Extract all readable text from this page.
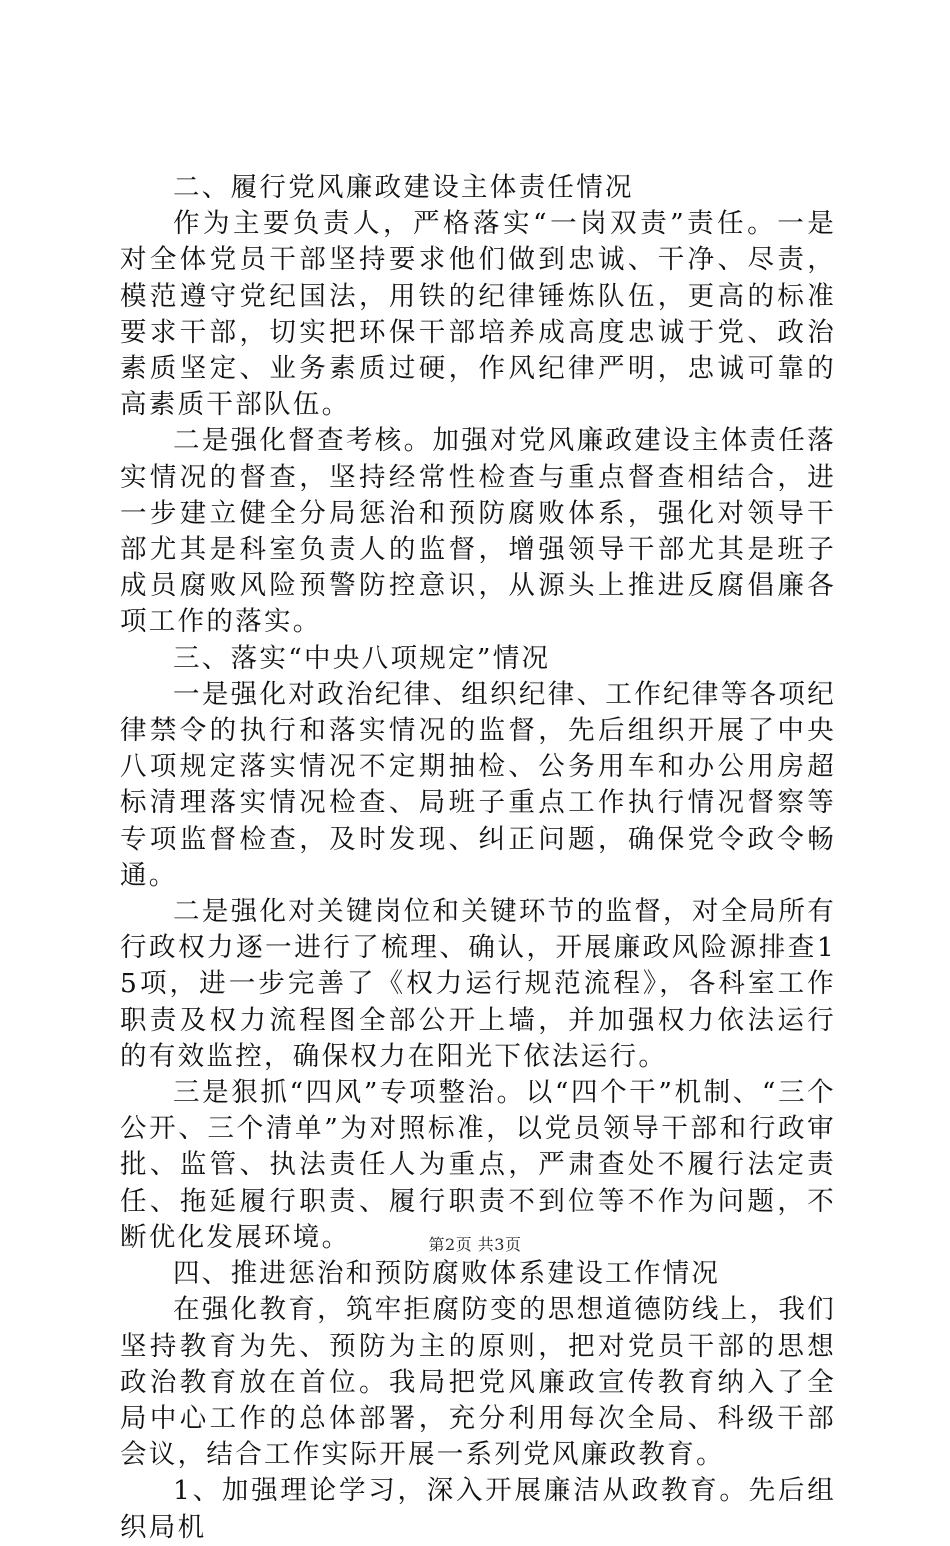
二、履行党风廉政建设主体责任情况

作为主要负责人，严格落实“一岗双责”责任。一是对全体党员干部坚持要求他们做到忠诚、干净、尽责，模范遵守党纪国法，用铁的纪律锤炼队伍，更高的标准要求干部，切实把环保干部培养成高度忠诚于党、政治素质坚定、业务素质过硬，作风纪律严明，忠诚可靠的高素质干部队伍。

二是强化督查考核。加强对党风廉政建设主体责任落实情况的督查，坚持经常性检查与重点督查相结合，进一步建立健全分局惩治和预防腐败体系，强化对领导干部尤其是科室负责人的监督，增强领导干部尤其是班子成员腐败风险预警防控意识，从源头上推进反腐倡廉各项工作的落实。

三、落实“中央八项规定”情况

一是强化对政治纪律、组织纪律、工作纪律等各项纪律禁令的执行和落实情况的监督，先后组织开展了中央八项规定落实情况不定期抽检、公务用车和办公用房超标清理落实情况检查、局班子重点工作执行情况督察等专项监督检查，及时发现、纠正问题，确保党令政令畅通。

二是强化对关键岗位和关键环节的监督，对全局所有行政权力逐一进行了梳理、确认，开展廉政风险源排查15项，进一步完善了《权力运行规范流程》，各科室工作职责及权力流程图全部公开上墙，并加强权力依法运行的有效监控，确保权力在阳光下依法运行。

三是狠抓“四风”专项整治。以“四个干”机制、“三个公开、三个清单”为对照标准，以党员领导干部和行政审批、监管、执法责任人为重点，严肃查处不履行法定责任、拖延履行职责、履行职责不到位等不作为问题，不断优化发展环境。

四、推进惩治和预防腐败体系建设工作情况

在强化教育，筑牢拒腐防变的思想道德防线上，我们坚持教育为先、预防为主的原则，把对党员干部的思想政治教育放在首位。我局把党风廉政宣传教育纳入了全局中心工作的总体部署，充分利用每次全局、科级干部会议，结合工作实际开展一系列党风廉政教育。

1、加强理论学习，深入开展廉洁从政教育。先后组织局机

第2页 共3页
